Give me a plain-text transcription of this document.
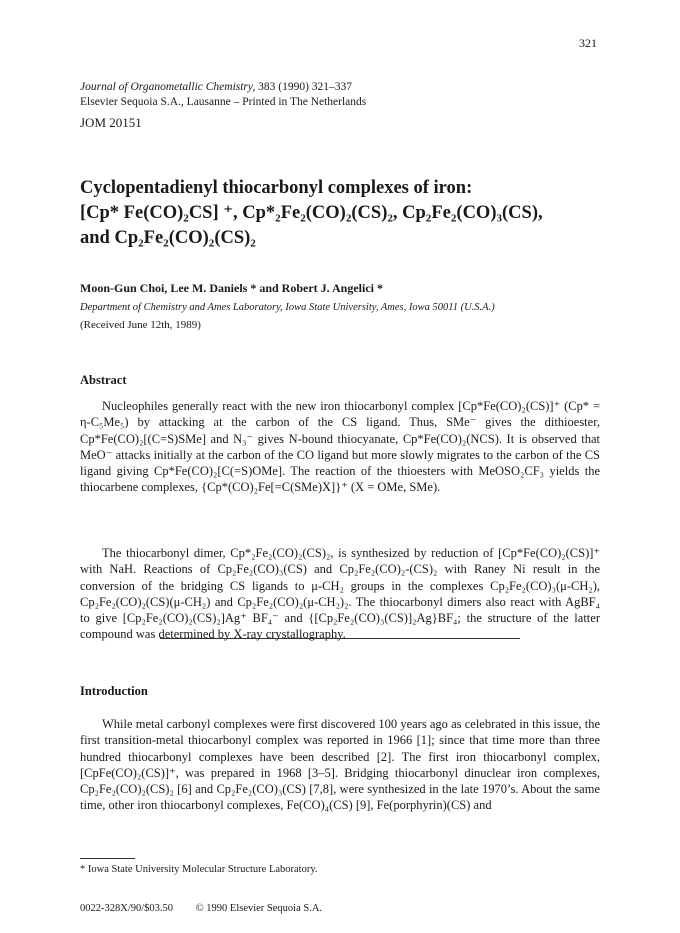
321
Journal of Organometallic Chemistry, 383 (1990) 321–337
Elsevier Sequoia S.A., Lausanne – Printed in The Netherlands
JOM 20151
Cyclopentadienyl thiocarbonyl complexes of iron:
[Cp* Fe(CO)₂CS] ⁺, Cp*₂Fe₂(CO)₂(CS)₂, Cp₂Fe₂(CO)₃(CS),
and Cp₂Fe₂(CO)₂(CS)₂
Moon-Gun Choi, Lee M. Daniels * and Robert J. Angelici *
Department of Chemistry and Ames Laboratory, Iowa State University, Ames, Iowa 50011 (U.S.A.)
(Received June 12th, 1989)
Abstract
Nucleophiles generally react with the new iron thiocarbonyl complex [Cp*Fe(CO)₂(CS)]⁺ (Cp* = η-C₅Me₅) by attacking at the carbon of the CS ligand. Thus, SMe⁻ gives the dithioester, Cp*Fe(CO)₂[(C=S)SMe] and N₃⁻ gives N-bound thiocyanate, Cp*Fe(CO)₂(NCS). It is observed that MeO⁻ attacks initially at the carbon of the CO ligand but more slowly migrates to the carbon of the CS ligand giving Cp*Fe(CO)₂[C(=S)OMe]. The reaction of the thioesters with MeOSO₂CF₃ yields the thiocarbene complexes, {Cp*(CO)₂Fe[=C(SMe)X]}⁺ (X = OMe, SMe).
The thiocarbonyl dimer, Cp*₂Fe₂(CO)₂(CS)₂, is synthesized by reduction of [Cp*Fe(CO)₂(CS)]⁺ with NaH. Reactions of Cp₂Fe₂(CO)₃(CS) and Cp₂Fe₂(CO)₂-(CS)₂ with Raney Ni result in the conversion of the bridging CS ligands to μ-CH₂ groups in the complexes Cp₂Fe₂(CO)₃(μ-CH₂), Cp₂Fe₂(CO)₂(CS)(μ-CH₂) and Cp₂Fe₂(CO)₂(μ-CH₂)₂. The thiocarbonyl dimers also react with AgBF₄ to give [Cp₂Fe₂(CO)₂(CS)₂]Ag⁺ BF₄⁻ and {[Cp₂Fe₂(CO)₃(CS)]₂Ag}BF₄; the structure of the latter compound was determined by X-ray crystallography.
Introduction
While metal carbonyl complexes were first discovered 100 years ago as celebrated in this issue, the first transition-metal thiocarbonyl complex was reported in 1966 [1]; since that time more than three hundred thiocarbonyl complexes have been described [2]. The first iron thiocarbonyl complex, [CpFe(CO)₂(CS)]⁺, was prepared in 1968 [3–5]. Bridging thiocarbonyl dinuclear iron complexes, Cp₂Fe₂(CO)₂(CS)₂ [6] and Cp₂Fe₂(CO)₃(CS) [7,8], were synthesized in the late 1970’s. About the same time, other iron thiocarbonyl complexes, Fe(CO)₄(CS) [9], Fe(porphyrin)(CS) and
* Iowa State University Molecular Structure Laboratory.
0022-328X/90/$03.50 © 1990 Elsevier Sequoia S.A.
